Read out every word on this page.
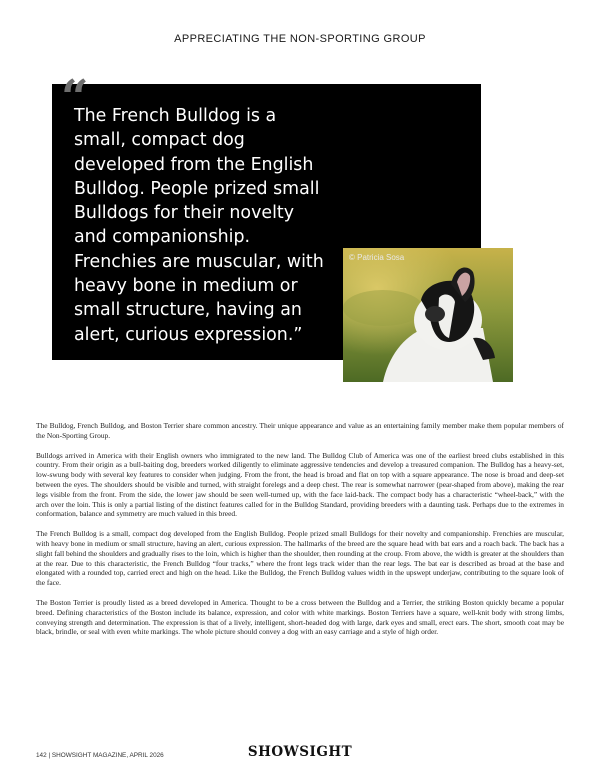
APPRECIATING THE NON-SPORTING GROUP
“

The French Bulldog is a small, compact dog developed from the English Bulldog. People prized small Bulldogs for their novelty and companionship. Frenchies are muscular, with heavy bone in medium or small structure, having an alert, curious expression.”

© Patricia Sosa

The Bulldog, French Bulldog, and Boston Terrier share common ancestry. Their unique appearance and value as an entertaining family member make them popular members of the Non-Sporting Group.

Bulldogs arrived in America with their English owners who immigrated to the new land. The Bulldog Club of America was one of the earliest breed clubs established in this country. From their origin as a bull-baiting dog, breeders worked diligently to eliminate aggressive tendencies and develop a treasured companion. The Bulldog has a heavy-set, low-swung body with several key features to consider when judging. From the front, the head is broad and flat on top with a square appearance. The nose is broad and deep-set between the eyes. The shoulders should be visible and turned, with straight forelegs and a deep chest. The rear is somewhat narrower (pear-shaped from above), making the rear legs visible from the front. From the side, the lower jaw should be seen well-turned up, with the face laid-back. The compact body has a characteristic “wheel-back,” with the arch over the loin. This is only a partial listing of the distinct features called for in the Bulldog Standard, providing breeders with a daunting task. Perhaps due to the extremes in conformation, balance and symmetry are much valued in this breed.

The French Bulldog is a small, compact dog developed from the English Bulldog. People prized small Bulldogs for their novelty and companionship. Frenchies are muscular, with heavy bone in medium or small structure, having an alert, curious expression. The hallmarks of the breed are the square head with bat ears and a roach back. The back has a slight fall behind the shoulders and gradually rises to the loin, which is higher than the shoulder, then rounding at the croup. From above, the width is greater at the shoulders than at the rear. Due to this characteristic, the French Bulldog “four tracks,” where the front legs track wider than the rear legs. The bat ear is described as broad at the base and elongated with a rounded top, carried erect and high on the head. Like the Bulldog, the French Bulldog values width in the upswept underjaw, contributing to the square look of the face.

The Boston Terrier is proudly listed as a breed developed in America. Thought to be a cross between the Bulldog and a Terrier, the striking Boston quickly became a popular breed. Defining characteristics of the Boston include its balance, expression, and color with white markings. Boston Terriers have a square, well-knit body with strong limbs, conveying strength and determination. The expression is that of a lively, intelligent, short-headed dog with large, dark eyes and small, erect ears. The short, smooth coat may be black, brindle, or seal with even white markings. The whole picture should convey a dog with an easy carriage and a style of high order.

142 | SHOWSIGHT MAGAZINE, APRIL 2026	SHOWSIGHT
